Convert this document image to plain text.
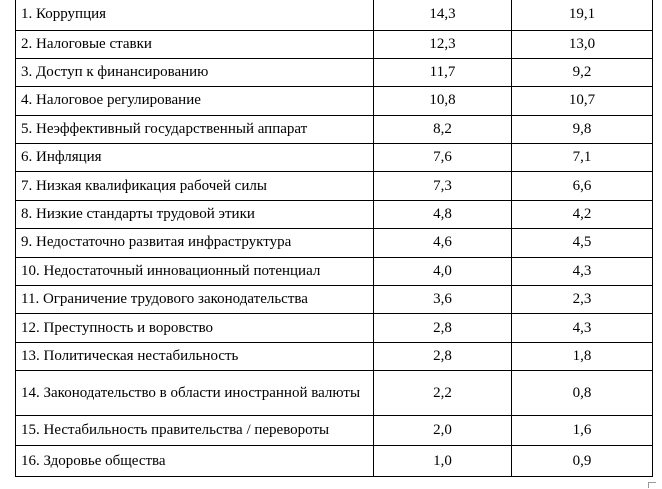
1. Коррупция	14,3	19,1
2. Налоговые ставки	12,3	13,0
3. Доступ к финансированию	11,7	9,2
4. Налоговое регулирование	10,8	10,7
5. Неэффективный государственный аппарат	8,2	9,8
6. Инфляция	7,6	7,1
7. Низкая квалификация рабочей силы	7,3	6,6
8. Низкие стандарты трудовой этики	4,8	4,2
9. Недостаточно развитая инфраструктура	4,6	4,5
10. Недостаточный инновационный потенциал	4,0	4,3
11. Ограничение трудового законодательства	3,6	2,3
12. Преступность и воровство	2,8	4,3
13. Политическая нестабильность	2,8	1,8
14. Законодательство в области иностранной валюты	2,2	0,8
15. Нестабильность правительства / перевороты	2,0	1,6
16. Здоровье общества	1,0	0,9
